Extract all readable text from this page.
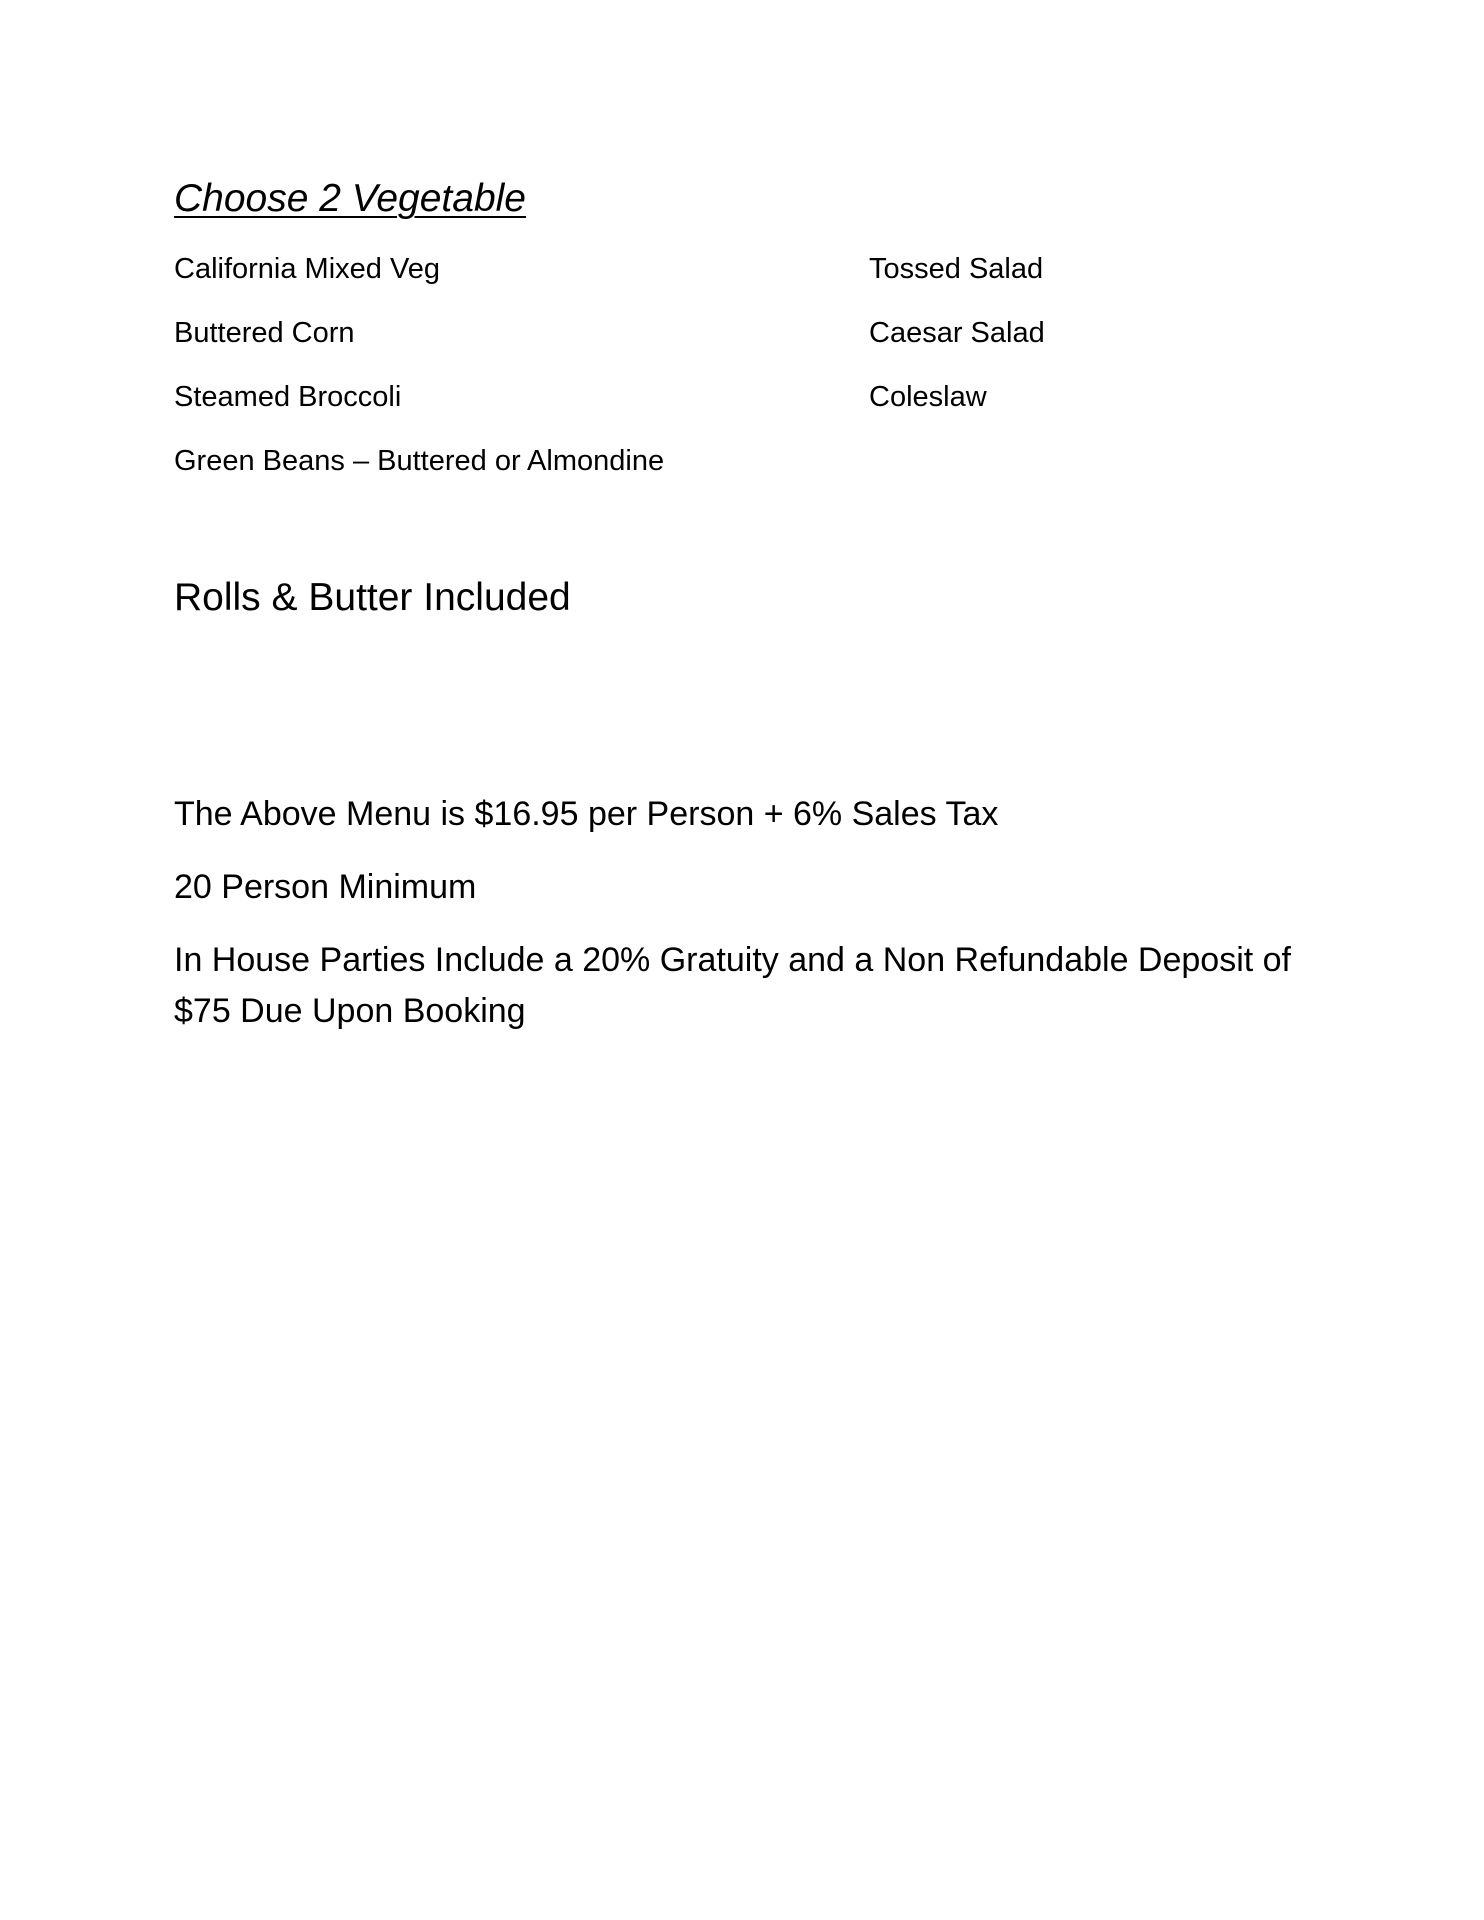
Choose 2 Vegetable
California Mixed Veg
Buttered Corn
Steamed Broccoli
Green Beans – Buttered or Almondine
Tossed Salad
Caesar Salad
Coleslaw
Rolls & Butter Included

The Above Menu is $16.95 per Person + 6% Sales Tax

20 Person Minimum

In House Parties Include a 20% Gratuity and a Non Refundable Deposit of $75 Due Upon Booking
